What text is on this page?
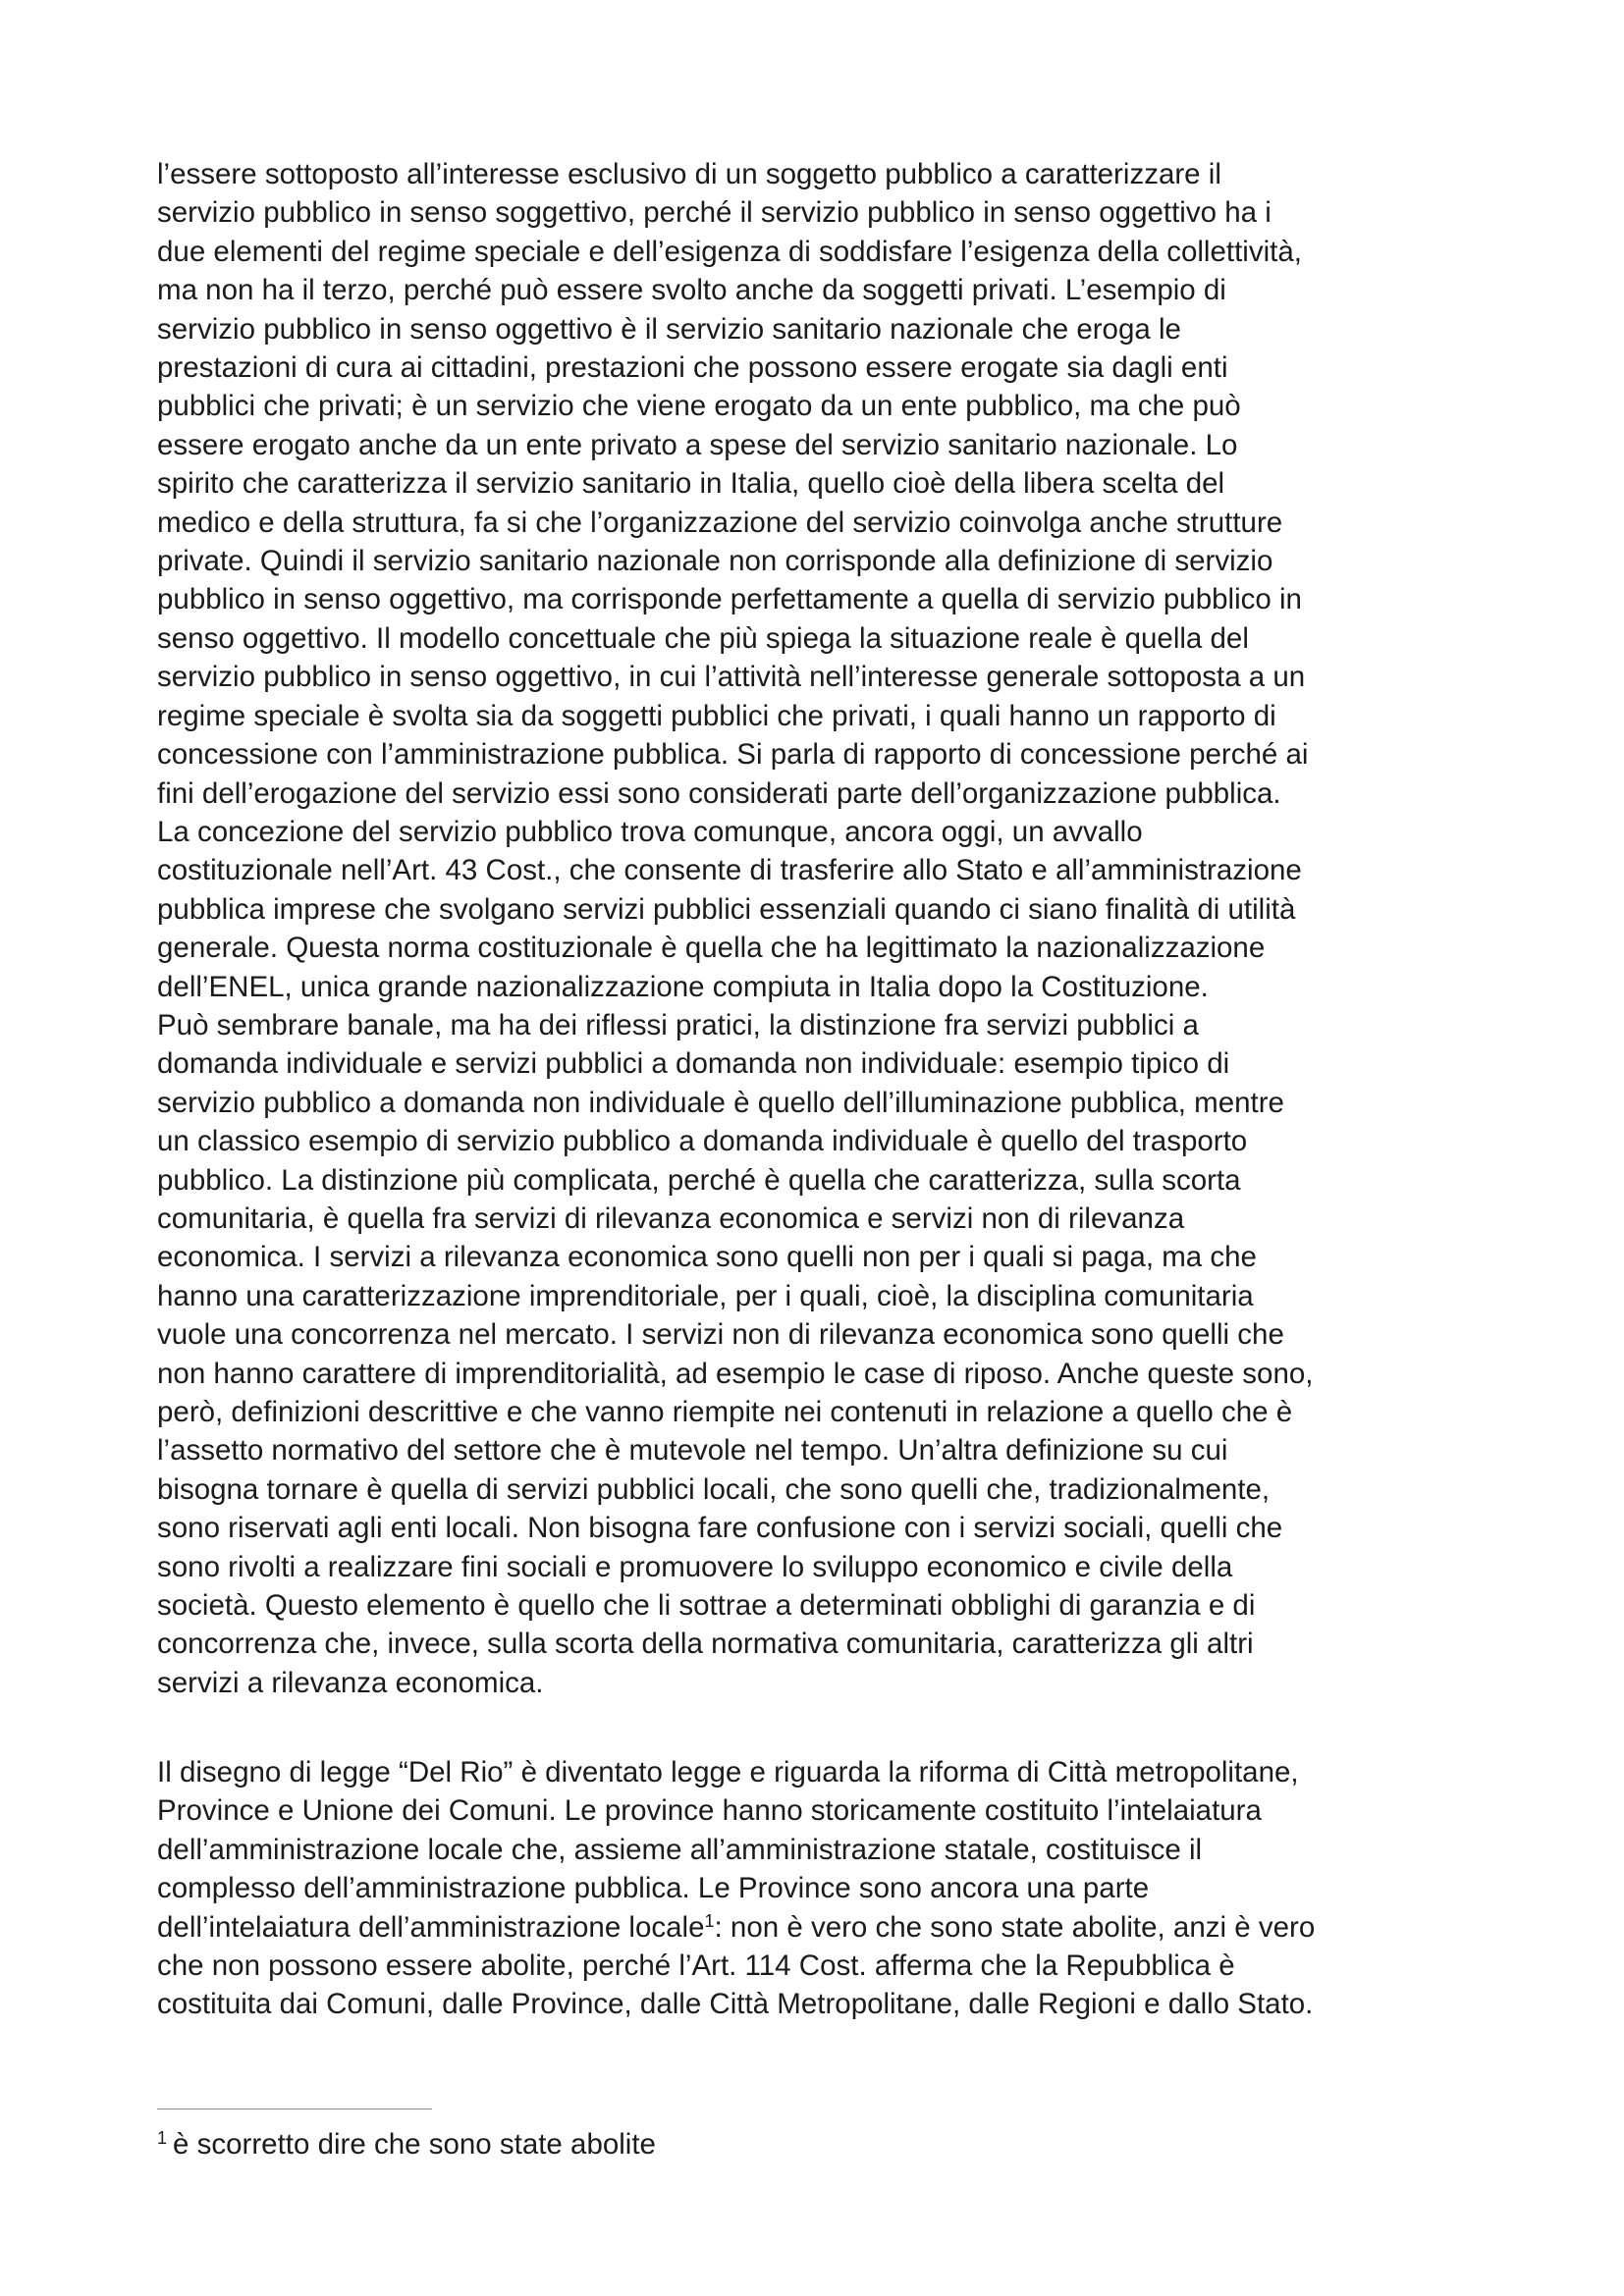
l’essere sottoposto all’interesse esclusivo di un soggetto pubblico a caratterizzare il
servizio pubblico in senso soggettivo, perché il servizio pubblico in senso oggettivo ha i
due elementi del regime speciale e dell’esigenza di soddisfare l’esigenza della collettività,
ma non ha il terzo, perché può essere svolto anche da soggetti privati. L’esempio di
servizio pubblico in senso oggettivo è il servizio sanitario nazionale che eroga le
prestazioni di cura ai cittadini, prestazioni che possono essere erogate sia dagli enti
pubblici che privati; è un servizio che viene erogato da un ente pubblico, ma che può
essere erogato anche da un ente privato a spese del servizio sanitario nazionale. Lo
spirito che caratterizza il servizio sanitario in Italia, quello cioè della libera scelta del
medico e della struttura, fa si che l’organizzazione del servizio coinvolga anche strutture
private. Quindi il servizio sanitario nazionale non corrisponde alla definizione di servizio
pubblico in senso oggettivo, ma corrisponde perfettamente a quella di servizio pubblico in
senso oggettivo. Il modello concettuale che più spiega la situazione reale è quella del
servizio pubblico in senso oggettivo, in cui l’attività nell’interesse generale sottoposta a un
regime speciale è svolta sia da soggetti pubblici che privati, i quali hanno un rapporto di
concessione con l’amministrazione pubblica. Si parla di rapporto di concessione perché ai
fini dell’erogazione del servizio essi sono considerati parte dell’organizzazione pubblica.
La concezione del servizio pubblico trova comunque, ancora oggi, un avvallo
costituzionale nell’Art. 43 Cost., che consente di trasferire allo Stato e all’amministrazione
pubblica imprese che svolgano servizi pubblici essenziali quando ci siano finalità di utilità
generale. Questa norma costituzionale è quella che ha legittimato la nazionalizzazione
dell’ENEL, unica grande nazionalizzazione compiuta in Italia dopo la Costituzione.
Può sembrare banale, ma ha dei riflessi pratici, la distinzione fra servizi pubblici a
domanda individuale e servizi pubblici a domanda non individuale: esempio tipico di
servizio pubblico a domanda non individuale è quello dell’illuminazione pubblica, mentre
un classico esempio di servizio pubblico a domanda individuale è quello del trasporto
pubblico. La distinzione più complicata, perché è quella che caratterizza, sulla scorta
comunitaria, è quella fra servizi di rilevanza economica e servizi non di rilevanza
economica. I servizi a rilevanza economica sono quelli non per i quali si paga, ma che
hanno una caratterizzazione imprenditoriale, per i quali, cioè, la disciplina comunitaria
vuole una concorrenza nel mercato. I servizi non di rilevanza economica sono quelli che
non hanno carattere di imprenditorialità, ad esempio le case di riposo. Anche queste sono,
però, definizioni descrittive e che vanno riempite nei contenuti in relazione a quello che è
l’assetto normativo del settore che è mutevole nel tempo. Un’altra definizione su cui
bisogna tornare è quella di servizi pubblici locali, che sono quelli che, tradizionalmente,
sono riservati agli enti locali. Non bisogna fare confusione con i servizi sociali, quelli che
sono rivolti a realizzare fini sociali e promuovere lo sviluppo economico e civile della
società. Questo elemento è quello che li sottrae a determinati obblighi di garanzia e di
concorrenza che, invece, sulla scorta della normativa comunitaria, caratterizza gli altri
servizi a rilevanza economica.
Il disegno di legge “Del Rio” è diventato legge e riguarda la riforma di Città metropolitane,
Province e Unione dei Comuni. Le province hanno storicamente costituito l’intelaiatura
dell’amministrazione locale che, assieme all’amministrazione statale, costituisce il
complesso dell’amministrazione pubblica. Le Province sono ancora una parte
dell’intelaiatura dell’amministrazione locale$^1$: non è vero che sono state abolite, anzi è vero
che non possono essere abolite, perché l’Art. 114 Cost. afferma che la Repubblica è
costituita dai Comuni, dalle Province, dalle Città Metropolitane, dalle Regioni e dallo Stato.
$^1$ è scorretto dire che sono state abolite
